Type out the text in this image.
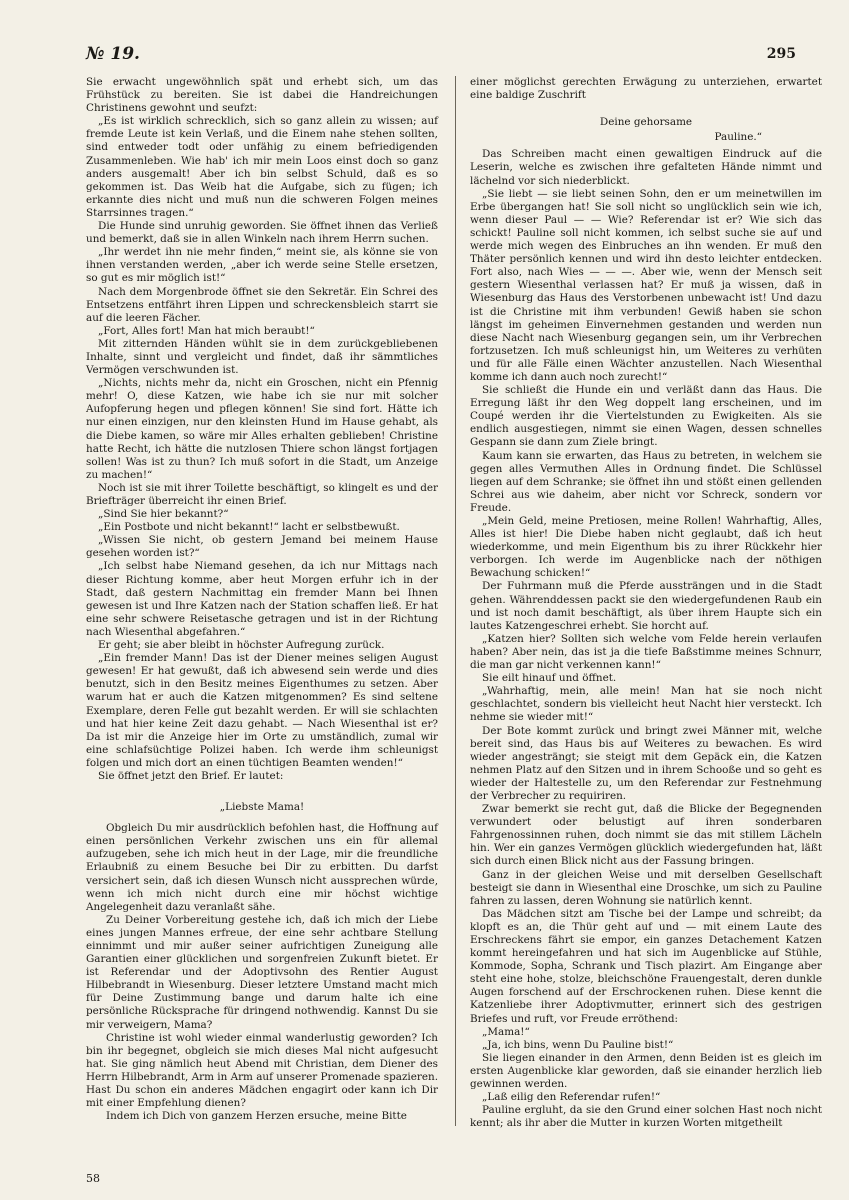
№ 19.	295

Sie erwacht ungewöhnlich spät und erhebt sich, um das Frühstück zu bereiten. Sie ist dabei die Handreichungen Christinens gewohnt und seufzt:

„Es ist wirklich schrecklich, sich so ganz allein zu wissen; auf fremde Leute ist kein Verlaß, und die Einem nahe stehen sollten, sind entweder todt oder unfähig zu einem befriedigenden Zusammenleben. Wie hab' ich mir mein Loos einst doch so ganz anders ausgemalt! Aber ich bin selbst Schuld, daß es so gekommen ist. Das Weib hat die Aufgabe, sich zu fügen; ich erkannte dies nicht und muß nun die schweren Folgen meines Starrsinnes tragen.“

Die Hunde sind unruhig geworden. Sie öffnet ihnen das Verließ und bemerkt, daß sie in allen Winkeln nach ihrem Herrn suchen.

„Ihr werdet ihn nie mehr finden,“ meint sie, als könne sie von ihnen verstanden werden, „aber ich werde seine Stelle ersetzen, so gut es mir möglich ist!“

Nach dem Morgenbrode öffnet sie den Sekretär. Ein Schrei des Entsetzens entfährt ihren Lippen und schreckensbleich starrt sie auf die leeren Fächer.

„Fort, Alles fort! Man hat mich beraubt!“

Mit zitternden Händen wühlt sie in dem zurückgebliebenen Inhalte, sinnt und vergleicht und findet, daß ihr sämmtliches Vermögen verschwunden ist.

„Nichts, nichts mehr da, nicht ein Groschen, nicht ein Pfennig mehr! O, diese Katzen, wie habe ich sie nur mit solcher Aufopferung hegen und pflegen können! Sie sind fort. Hätte ich nur einen einzigen, nur den kleinsten Hund im Hause gehabt, als die Diebe kamen, so wäre mir Alles erhalten geblieben! Christine hatte Recht, ich hätte die nutzlosen Thiere schon längst fortjagen sollen! Was ist zu thun? Ich muß sofort in die Stadt, um Anzeige zu machen!“

Noch ist sie mit ihrer Toilette beschäftigt, so klingelt es und der Briefträger überreicht ihr einen Brief.

„Sind Sie hier bekannt?“

„Ein Postbote und nicht bekannt!“ lacht er selbstbewußt.

„Wissen Sie nicht, ob gestern Jemand bei meinem Hause gesehen worden ist?“

„Ich selbst habe Niemand gesehen, da ich nur Mittags nach dieser Richtung komme, aber heut Morgen erfuhr ich in der Stadt, daß gestern Nachmittag ein fremder Mann bei Ihnen gewesen ist und Ihre Katzen nach der Station schaffen ließ. Er hat eine sehr schwere Reisetasche getragen und ist in der Richtung nach Wiesenthal abgefahren.“

Er geht; sie aber bleibt in höchster Aufregung zurück.

„Ein fremder Mann! Das ist der Diener meines seligen August gewesen! Er hat gewußt, daß ich abwesend sein werde und dies benutzt, sich in den Besitz meines Eigenthumes zu setzen. Aber warum hat er auch die Katzen mitgenommen? Es sind seltene Exemplare, deren Felle gut bezahlt werden. Er will sie schlachten und hat hier keine Zeit dazu gehabt. — Nach Wiesenthal ist er? Da ist mir die Anzeige hier im Orte zu umständlich, zumal wir eine schlafsüchtige Polizei haben. Ich werde ihm schleunigst folgen und mich dort an einen tüchtigen Beamten wenden!“

Sie öffnet jetzt den Brief. Er lautet:

„Liebste Mama!

Obgleich Du mir ausdrücklich befohlen hast, die Hoffnung auf einen persönlichen Verkehr zwischen uns ein für allemal aufzugeben, sehe ich mich heut in der Lage, mir die freundliche Erlaubniß zu einem Besuche bei Dir zu erbitten. Du darfst versichert sein, daß ich diesen Wunsch nicht aussprechen würde, wenn ich mich nicht durch eine mir höchst wichtige Angelegenheit dazu veranlaßt sähe.

Zu Deiner Vorbereitung gestehe ich, daß ich mich der Liebe eines jungen Mannes erfreue, der eine sehr achtbare Stellung einnimmt und mir außer seiner aufrichtigen Zuneigung alle Garantien einer glücklichen und sorgenfreien Zukunft bietet. Er ist Referendar und der Adoptivsohn des Rentier August Hilbebrandt in Wiesenburg. Dieser letztere Umstand macht mich für Deine Zustimmung bange und darum halte ich eine persönliche Rücksprache für dringend nothwendig. Kannst Du sie mir verweigern, Mama?

Christine ist wohl wieder einmal wanderlustig geworden? Ich bin ihr begegnet, obgleich sie mich dieses Mal nicht aufgesucht hat. Sie ging nämlich heut Abend mit Christian, dem Diener des Herrn Hilbebrandt, Arm in Arm auf unserer Promenade spazieren. Hast Du schon ein anderes Mädchen engagirt oder kann ich Dir mit einer Empfehlung dienen?

Indem ich Dich von ganzem Herzen ersuche, meine Bitte

einer möglichst gerechten Erwägung zu unterziehen, erwartet eine baldige Zuschrift

Deine gehorsame

Pauline.“

Das Schreiben macht einen gewaltigen Eindruck auf die Leserin, welche es zwischen ihre gefalteten Hände nimmt und lächelnd vor sich niederblickt.

„Sie liebt — sie liebt seinen Sohn, den er um meinetwillen im Erbe übergangen hat! Sie soll nicht so unglücklich sein wie ich, wenn dieser Paul — — Wie? Referendar ist er? Wie sich das schickt! Pauline soll nicht kommen, ich selbst suche sie auf und werde mich wegen des Einbruches an ihn wenden. Er muß den Thäter persönlich kennen und wird ihn desto leichter entdecken. Fort also, nach Wies — — —. Aber wie, wenn der Mensch seit gestern Wiesenthal verlassen hat? Er muß ja wissen, daß in Wiesenburg das Haus des Verstorbenen unbewacht ist! Und dazu ist die Christine mit ihm verbunden! Gewiß haben sie schon längst im geheimen Einvernehmen gestanden und werden nun diese Nacht nach Wiesenburg gegangen sein, um ihr Verbrechen fortzusetzen. Ich muß schleunigst hin, um Weiteres zu verhüten und für alle Fälle einen Wächter anzustellen. Nach Wiesenthal komme ich dann auch noch zurecht!“

Sie schließt die Hunde ein und verläßt dann das Haus. Die Erregung läßt ihr den Weg doppelt lang erscheinen, und im Coupé werden ihr die Viertelstunden zu Ewigkeiten. Als sie endlich ausgestiegen, nimmt sie einen Wagen, dessen schnelles Gespann sie dann zum Ziele bringt.

Kaum kann sie erwarten, das Haus zu betreten, in welchem sie gegen alles Vermuthen Alles in Ordnung findet. Die Schlüssel liegen auf dem Schranke; sie öffnet ihn und stößt einen gellenden Schrei aus wie daheim, aber nicht vor Schreck, sondern vor Freude.

„Mein Geld, meine Pretiosen, meine Rollen! Wahrhaftig, Alles, Alles ist hier! Die Diebe haben nicht geglaubt, daß ich heut wiederkomme, und mein Eigenthum bis zu ihrer Rückkehr hier verborgen. Ich werde im Augenblicke nach der nöthigen Bewachung schicken!“

Der Fuhrmann muß die Pferde aussträngen und in die Stadt gehen. Währenddessen packt sie den wiedergefundenen Raub ein und ist noch damit beschäftigt, als über ihrem Haupte sich ein lautes Katzengeschrei erhebt. Sie horcht auf.

„Katzen hier? Sollten sich welche vom Felde herein verlaufen haben? Aber nein, das ist ja die tiefe Baßstimme meines Schnurr, die man gar nicht verkennen kann!“

Sie eilt hinauf und öffnet.

„Wahrhaftig, mein, alle mein! Man hat sie noch nicht geschlachtet, sondern bis vielleicht heut Nacht hier versteckt. Ich nehme sie wieder mit!“

Der Bote kommt zurück und bringt zwei Männer mit, welche bereit sind, das Haus bis auf Weiteres zu bewachen. Es wird wieder angesträngt; sie steigt mit dem Gepäck ein, die Katzen nehmen Platz auf den Sitzen und in ihrem Schooße und so geht es wieder der Haltestelle zu, um den Referendar zur Festnehmung der Verbrecher zu requiriren.

Zwar bemerkt sie recht gut, daß die Blicke der Begegnenden verwundert oder belustigt auf ihren sonderbaren Fahrgenossinnen ruhen, doch nimmt sie das mit stillem Lächeln hin. Wer ein ganzes Vermögen glücklich wiedergefunden hat, läßt sich durch einen Blick nicht aus der Fassung bringen.

Ganz in der gleichen Weise und mit derselben Gesellschaft besteigt sie dann in Wiesenthal eine Droschke, um sich zu Pauline fahren zu lassen, deren Wohnung sie natürlich kennt.

Das Mädchen sitzt am Tische bei der Lampe und schreibt; da klopft es an, die Thür geht auf und — mit einem Laute des Erschreckens fährt sie empor, ein ganzes Detachement Katzen kommt hereingefahren und hat sich im Augenblicke auf Stühle, Kommode, Sopha, Schrank und Tisch plazirt. Am Eingange aber steht eine hohe, stolze, bleichschöne Frauengestalt, deren dunkle Augen forschend auf der Erschrockenen ruhen. Diese kennt die Katzenliebe ihrer Adoptivmutter, erinnert sich des gestrigen Briefes und ruft, vor Freude erröthend:

„Mama!“

„Ja, ich bins, wenn Du Pauline bist!“

Sie liegen einander in den Armen, denn Beiden ist es gleich im ersten Augenblicke klar geworden, daß sie einander herzlich lieb gewinnen werden.

„Laß eilig den Referendar rufen!“

Pauline ergluht, da sie den Grund einer solchen Hast noch nicht kennt; als ihr aber die Mutter in kurzen Worten mitgetheilt

58
